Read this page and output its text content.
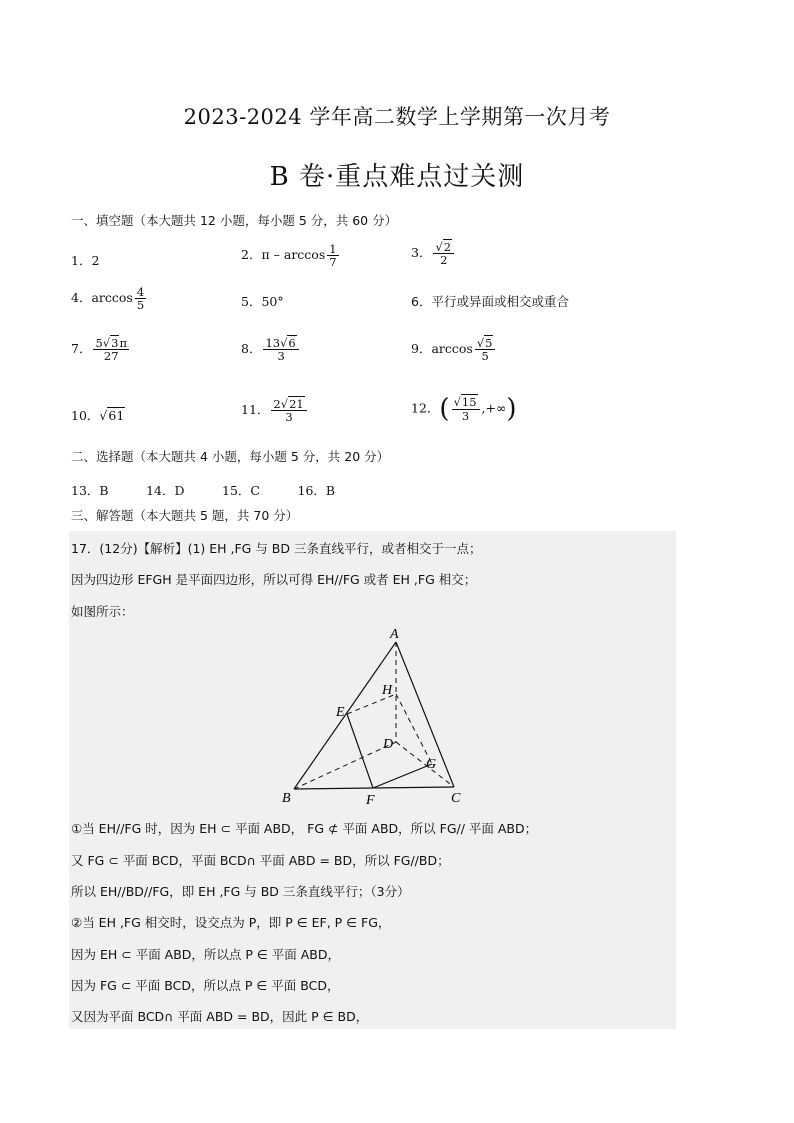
2023-2024 学年高二数学上学期第一次月考
B 卷·重点难点过关测
一、填空题（本大题共 12 小题，每小题 5 分，共 60 分）
1．2	2．π – $\arccos \frac{1}{7}$	3． $\frac{√2}{2}$
4．$\arccos \frac{4}{5}$	5．50°	6．平行或异面或相交或重合
7． $\frac{5√3\pi}{27}$	8． $\frac{13√6}{3}$	9．$\arccos \frac{√5}{5}$
10．√61	11． $\frac{2√21}{3}$	12．( $\frac{√15}{3}$ ,+∞)
二、选择题（本大题共 4 小题，每小题 5 分，共 20 分）
13．B　　　14．D　　　15．C　　　16．B
三、解答题（本大题共 5 题，共 70 分）
17．(12分)【解析】(1) EH ,FG 与 BD 三条直线平行，或者相交于一点；
因为四边形 EFGH 是平面四边形，所以可得 EH//FG 或者 EH ,FG 相交；
如图所示：
A
B	C
D
E
F
G
H
①当 EH//FG 时，因为 EH ⊂ 平面 ABD， FG ⊄ 平面 ABD，所以 FG// 平面 ABD；
又 FG ⊂ 平面 BCD，平面 BCD∩ 平面 ABD = BD，所以 FG//BD；
所以 EH//BD//FG，即 EH ,FG 与 BD 三条直线平行；（3分）
②当 EH ,FG 相交时，设交点为 P，即 P ∈ EF, P ∈ FG，
因为 EH ⊂ 平面 ABD，所以点 P ∈ 平面 ABD，
因为 FG ⊂ 平面 BCD，所以点 P ∈ 平面 BCD，
又因为平面 BCD∩ 平面 ABD = BD，因此 P ∈ BD，
